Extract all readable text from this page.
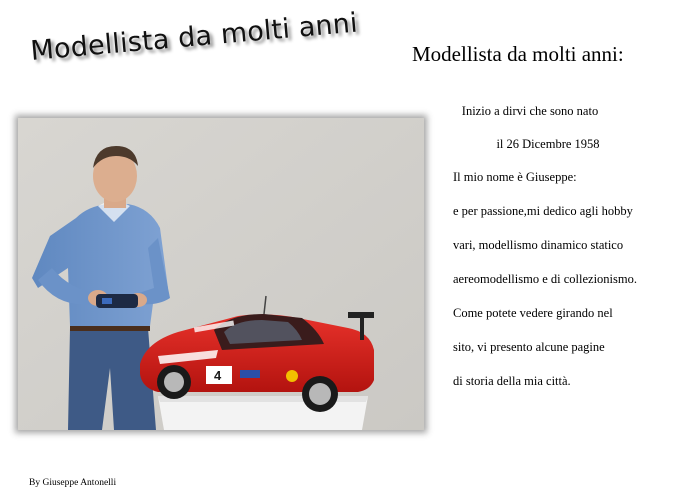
Modellista da molti anni	Modellista da molti anni:
4
Inizio a dirvi che sono nato
il 26 Dicembre 1958
Il mio nome è Giuseppe:
e per passione,mi dedico agli hobby
vari, modellismo dinamico statico
aereomodellismo e di collezionismo.
Come potete vedere girando nel
sito, vi presento alcune pagine
di storia della mia città.
By Giuseppe Antonelli
